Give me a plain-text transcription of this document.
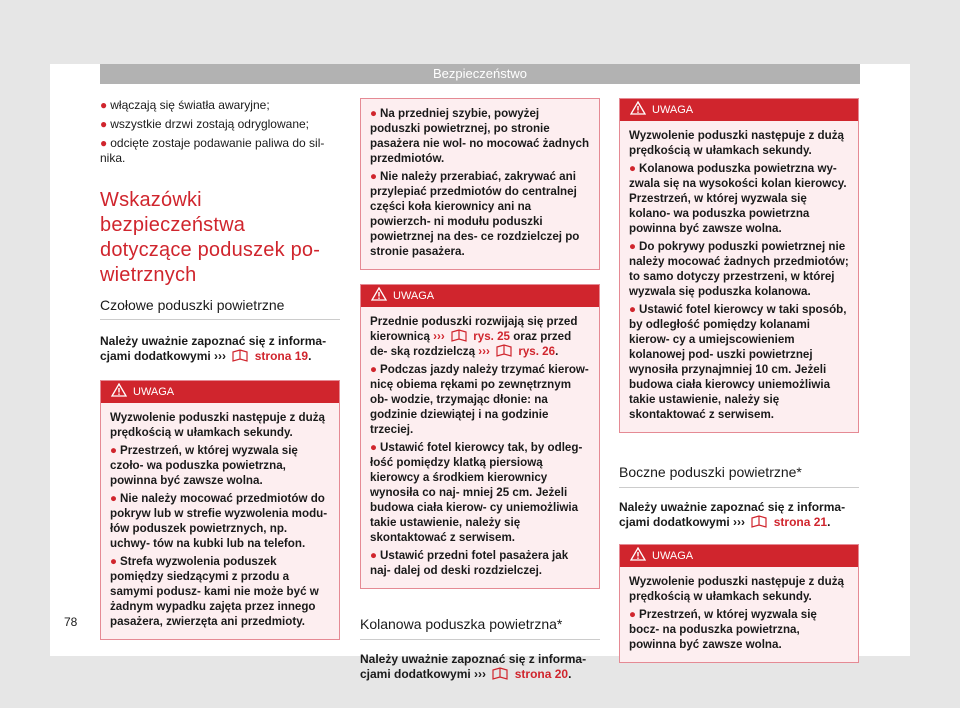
Bezpieczeństwo

● włączają się światła awaryjne;

● wszystkie drzwi zostają odryglowane;

● odcięte zostaje podawanie paliwa do sil- nika.

Wskazówki bezpieczeństwa dotyczące poduszek po- wietrznych
Czołowe poduszki powietrzne

Należy uważnie zapoznać się z informa- cjami dodatkowymi ››› strona 19.

UWAGA

Wyzwolenie poduszki następuje z dużą prędkością w ułamkach sekundy.

● Przestrzeń, w której wyzwala się czoło- wa poduszka powietrzna, powinna być zawsze wolna.

● Nie należy mocować przedmiotów do pokryw lub w strefie wyzwolenia modu- łów poduszek powietrznych, np. uchwy- tów na kubki lub na telefon.

● Strefa wyzwolenia poduszek pomiędzy siedzącymi z przodu a samymi podusz- kami nie może być w żadnym wypadku zajęta przez innego pasażera, zwierzęta ani przedmioty.

● Na przedniej szybie, powyżej poduszki powietrznej, po stronie pasażera nie wol- no mocować żadnych przedmiotów.

● Nie należy przerabiać, zakrywać ani przylepiać przedmiotów do centralnej części koła kierownicy ani na powierzch- ni modułu poduszki powietrznej na des- ce rozdzielczej po stronie pasażera.

UWAGA

Przednie poduszki rozwijają się przed kierownicą ››› rys. 25 oraz przed de- ską rozdzielczą ››› rys. 26.

● Podczas jazdy należy trzymać kierow- nicę obiema rękami po zewnętrznym ob- wodzie, trzymając dłonie: na godzinie dziewiątej i na godzinie trzeciej.

● Ustawić fotel kierowcy tak, by odleg- łość pomiędzy klatką piersiową kierowcy a środkiem kierownicy wynosiła co naj- mniej 25 cm. Jeżeli budowa ciała kierow- cy uniemożliwia takie ustawienie, należy się skontaktować z serwisem.

● Ustawić przedni fotel pasażera jak naj- dalej od deski rozdzielczej.

Kolanowa poduszka powietrzna*

Należy uważnie zapoznać się z informa- cjami dodatkowymi ››› strona 20.

UWAGA

Wyzwolenie poduszki następuje z dużą prędkością w ułamkach sekundy.

● Kolanowa poduszka powietrzna wy- zwala się na wysokości kolan kierowcy. Przestrzeń, w której wyzwala się kolano- wa poduszka powietrzna powinna być zawsze wolna.

● Do pokrywy poduszki powietrznej nie należy mocować żadnych przedmiotów; to samo dotyczy przestrzeni, w której wyzwala się poduszka kolanowa.

● Ustawić fotel kierowcy w taki sposób, by odległość pomiędzy kolanami kierow- cy a umiejscowieniem kolanowej pod- uszki powietrznej wynosiła przynajmniej 10 cm. Jeżeli budowa ciała kierowcy uniemożliwia takie ustawienie, należy się skontaktować z serwisem.

Boczne poduszki powietrzne*

Należy uważnie zapoznać się z informa- cjami dodatkowymi ››› strona 21.

UWAGA

Wyzwolenie poduszki następuje z dużą prędkością w ułamkach sekundy.

● Przestrzeń, w której wyzwala się bocz- na poduszka powietrzna, powinna być zawsze wolna.

78
